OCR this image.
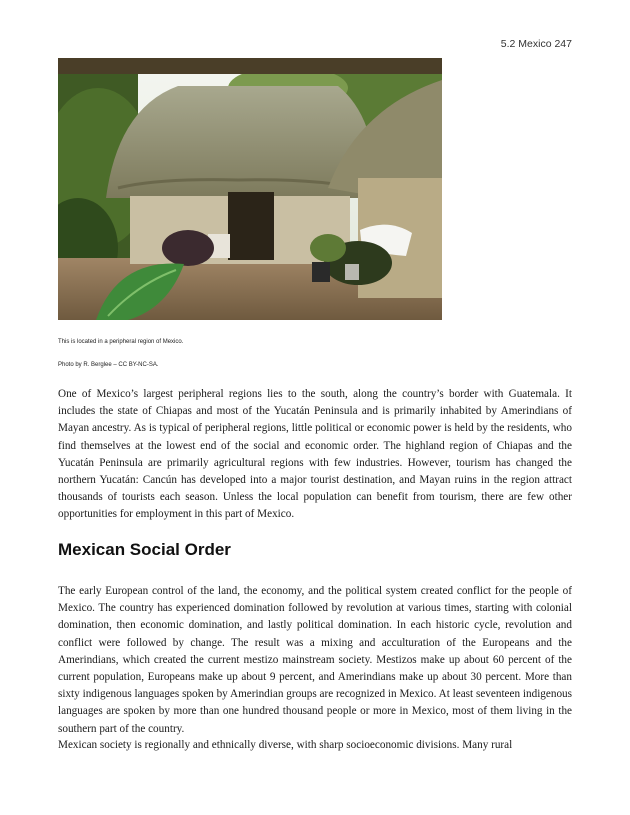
5.2 Mexico 247
This is located in a peripheral region of Mexico.
Photo by R. Berglee – CC BY-NC-SA.

One of Mexico’s largest peripheral regions lies to the south, along the country’s border with Guatemala. It includes the state of Chiapas and most of the Yucatán Peninsula and is primarily inhabited by Amerindians of Mayan ancestry. As is typical of peripheral regions, little political or economic power is held by the residents, who find themselves at the lowest end of the social and economic order. The highland region of Chiapas and the Yucatán Peninsula are primarily agricultural regions with few industries. However, tourism has changed the northern Yucatán: Cancún has developed into a major tourist destination, and Mayan ruins in the region attract thousands of tourists each season. Unless the local population can benefit from tourism, there are few other opportunities for employment in this part of Mexico.

Mexican Social Order

The early European control of the land, the economy, and the political system created conflict for the people of Mexico. The country has experienced domination followed by revolution at various times, starting with colonial domination, then economic domination, and lastly political domination. In each historic cycle, revolution and conflict were followed by change. The result was a mixing and acculturation of the Europeans and the Amerindians, which created the current mestizo mainstream society. Mestizos make up about 60 percent of the current population, Europeans make up about 9 percent, and Amerindians make up about 30 percent. More than sixty indigenous languages spoken by Amerindian groups are recognized in Mexico. At least seventeen indigenous languages are spoken by more than one hundred thousand people or more in Mexico, most of them living in the southern part of the country.

Mexican society is regionally and ethnically diverse, with sharp socioeconomic divisions. Many rural
